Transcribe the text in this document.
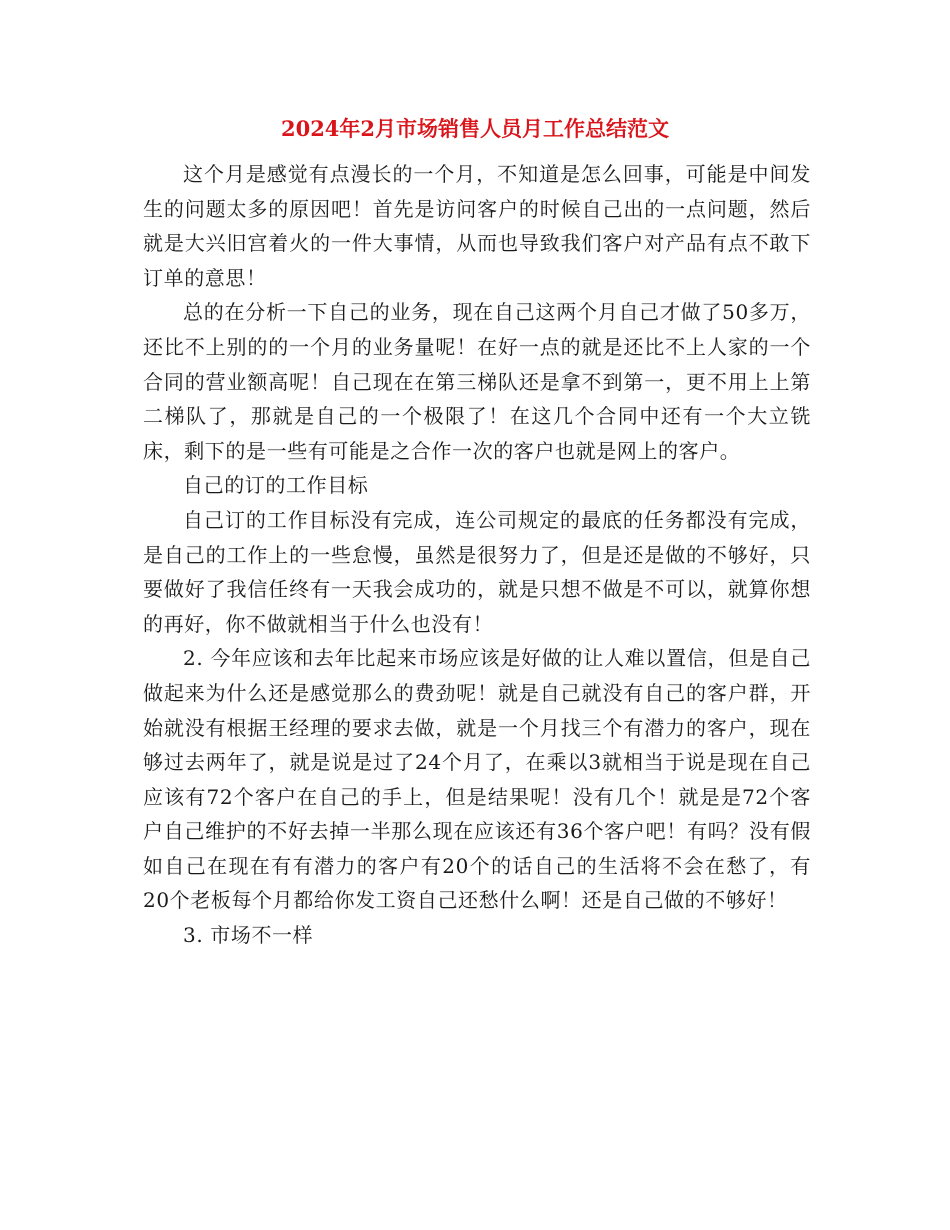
2024年2月市场销售人员月工作总结范文

这个月是感觉有点漫长的一个月，不知道是怎么回事，可能是中间发生的问题太多的原因吧！首先是访问客户的时候自己出的一点问题，然后就是大兴旧宫着火的一件大事情，从而也导致我们客户对产品有点不敢下订单的意思！

总的在分析一下自己的业务，现在自己这两个月自己才做了50多万，还比不上别的的一个月的业务量呢！在好一点的就是还比不上人家的一个合同的营业额高呢！自己现在在第三梯队还是拿不到第一，更不用上上第二梯队了，那就是自己的一个极限了！在这几个合同中还有一个大立铣床，剩下的是一些有可能是之合作一次的客户也就是网上的客户。

自己的订的工作目标

自己订的工作目标没有完成，连公司规定的最底的任务都没有完成，是自己的工作上的一些怠慢，虽然是很努力了，但是还是做的不够好，只要做好了我信任终有一天我会成功的，就是只想不做是不可以，就算你想的再好，你不做就相当于什么也没有！

2. 今年应该和去年比起来市场应该是好做的让人难以置信，但是自己做起来为什么还是感觉那么的费劲呢！就是自己就没有自己的客户群，开始就没有根据王经理的要求去做，就是一个月找三个有潜力的客户，现在够过去两年了，就是说是过了24个月了，在乘以3就相当于说是现在自己应该有72个客户在自己的手上，但是结果呢！没有几个！就是是72个客户自己维护的不好去掉一半那么现在应该还有36个客户吧！有吗？没有假如自己在现在有有潜力的客户有20个的话自己的生活将不会在愁了，有20个老板每个月都给你发工资自己还愁什么啊！还是自己做的不够好！

3. 市场不一样
